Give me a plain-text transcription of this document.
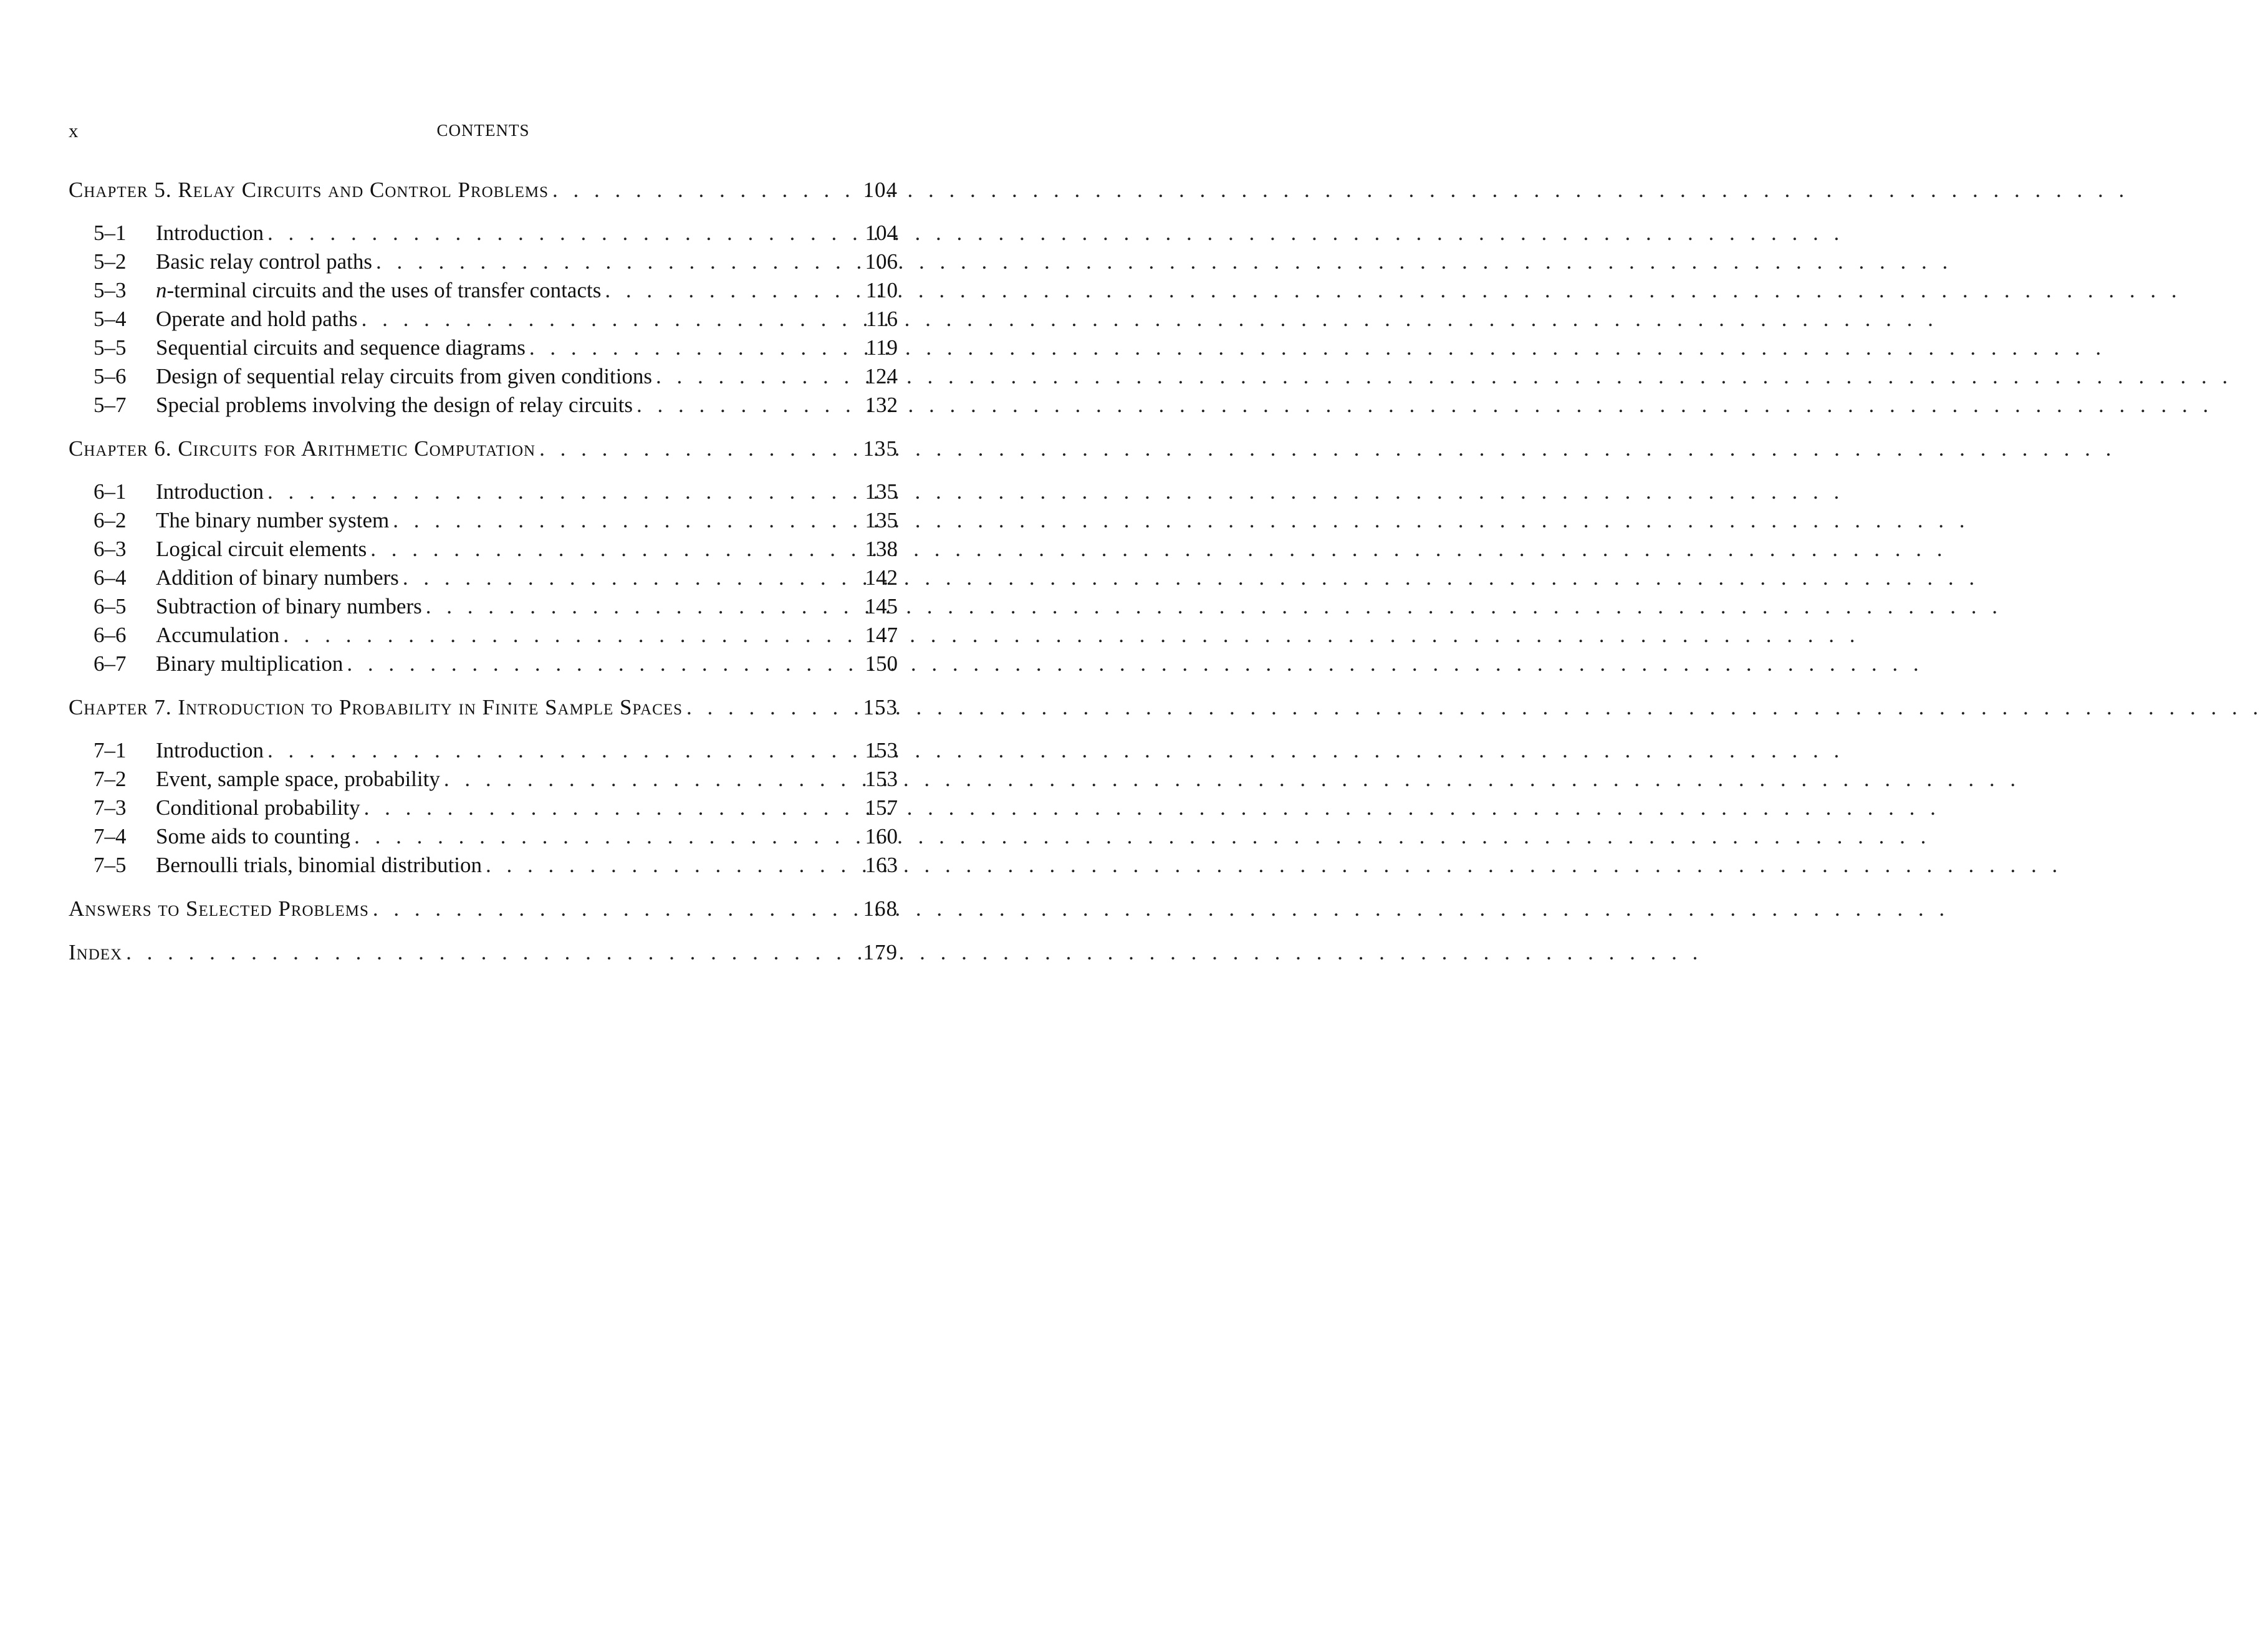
x	CONTENTS
Chapter 5. Relay Circuits and Control Problems . . .	104
5–1	Introduction . . .	104
5–2	Basic relay control paths . . .	106
5–3	n-terminal circuits and the uses of transfer contacts . . .	110
5–4	Operate and hold paths . . .	116
5–5	Sequential circuits and sequence diagrams . . .	119
5–6	Design of sequential relay circuits from given conditions . . .	124
5–7	Special problems involving the design of relay circuits . . .	132
Chapter 6. Circuits for Arithmetic Computation . . .	135
6–1	Introduction . . .	135
6–2	The binary number system . . .	135
6–3	Logical circuit elements . . .	138
6–4	Addition of binary numbers . . .	142
6–5	Subtraction of binary numbers . . .	145
6–6	Accumulation . . .	147
6–7	Binary multiplication . . .	150
Chapter 7. Introduction to Probability in Finite Sample Spaces . . .	153
7–1	Introduction . . .	153
7–2	Event, sample space, probability . . .	153
7–3	Conditional probability . . .	157
7–4	Some aids to counting . . .	160
7–5	Bernoulli trials, binomial distribution . . .	163
Answers to Selected Problems . . .	168
Index . . .	179
